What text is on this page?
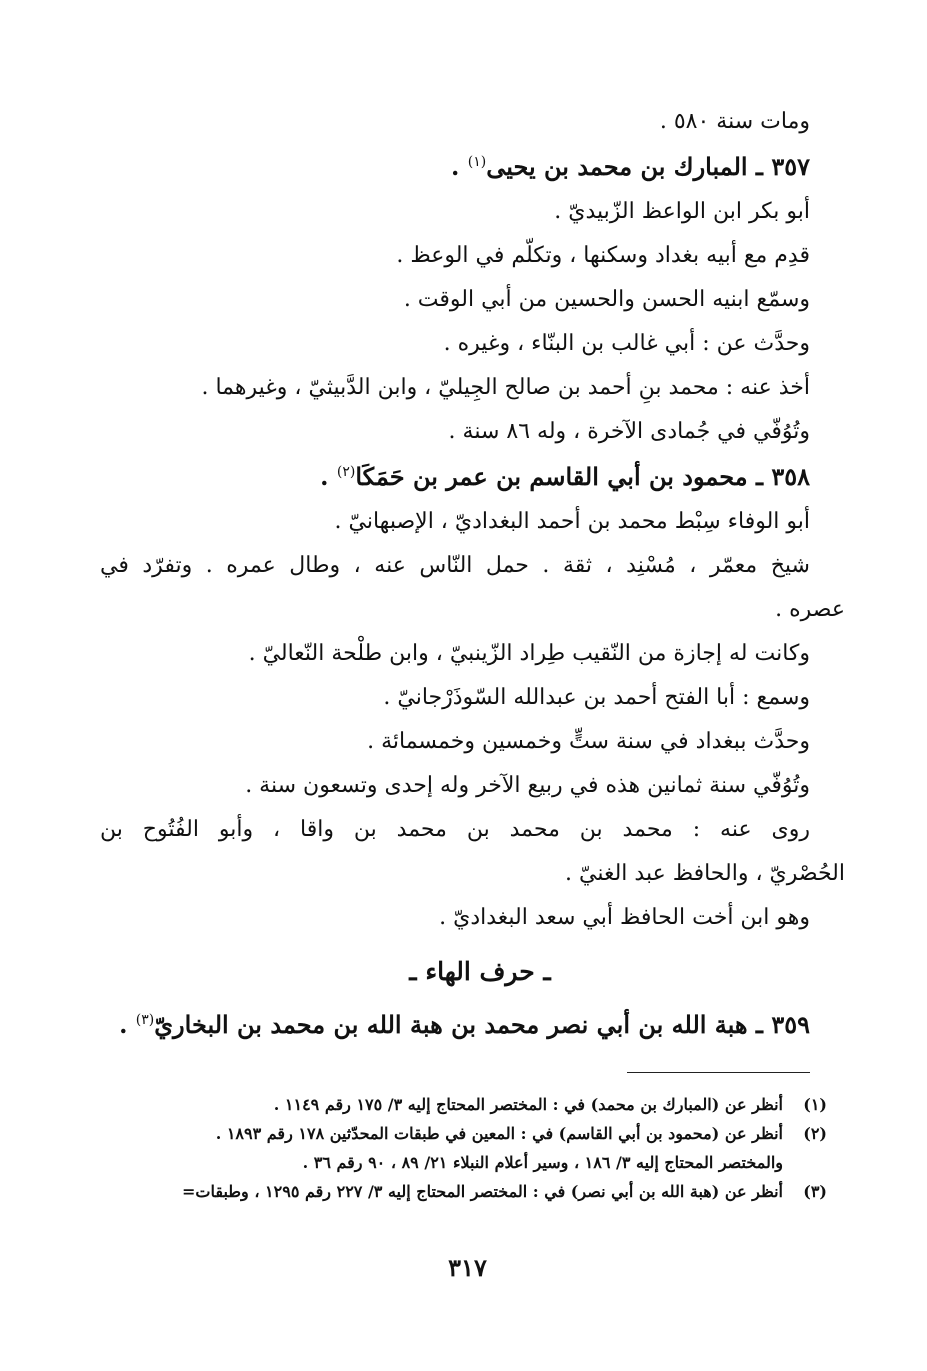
ومات سنة ٥٨٠ .
٣٥٧ ـ المبارك بن محمد بن يحيى$^{(١)}$ .
أبو بكر ابن الواعظ الزّبيديّ .
قدِم مع أبيه بغداد وسكنها ، وتكلّم في الوعظ .
وسمّع ابنيه الحسن والحسين من أبي الوقت .
وحدَّث عن : أبي غالب بن البنّاء ، وغيره .
أخذ عنه : محمد بنِ أحمد بن صالح الجِيليّ ، وابن الدَّبيثيّ ، وغيرهما .
وتُوُفّي في جُمادى الآخرة ، وله ٨٦ سنة .
٣٥٨ ـ محمود بن أبي القاسم بن عمر بن حَمَكَا$^{(٢)}$ .
أبو الوفاء سِبْط محمد بن أحمد البغداديّ ، الإصبهانيّ .
شيخ معمّر ، مُسْنِد ، ثقة . حمل النّاس عنه ، وطال عمره . وتفرّد في
عصره .
وكانت له إجازة من النّقيب طِراد الزّينبيّ ، وابن طلْحة النّعاليّ .
وسمع : أبا الفتح أحمد بن عبدالله السّوذَرْجانيّ .
وحدَّث ببغداد في سنة ستٍّ وخمسين وخمسمائة .
وتُوُفّي سنة ثمانين هذه في ربيع الآخر وله إحدى وتسعون سنة .
روى عنه : محمد بن محمد بن محمد بن واقا ، وأبو الفُتُوح بن
الحُصْريّ ، والحافظ عبد الغنيّ .
وهو ابن أخت الحافظ أبي سعد البغداديّ .
ـ حرف الهاء ـ
٣٥٩ ـ هبة الله بن أبي نصر محمد بن هبة الله بن محمد بن البخاريّ$^{(٣)}$ .
(١)
أنظر عن (المبارك بن محمد) في : المختصر المحتاج إليه ٣/ ١٧٥ رقم ١١٤٩ .
(٢)
أنظر عن (محمود بن أبي القاسم) في : المعين في طبقات المحدّثين ١٧٨ رقم ١٨٩٣ .
والمختصر المحتاج إليه ٣/ ١٨٦ ، وسير أعلام النبلاء ٢١/ ٨٩ ، ٩٠ رقم ٣٦ .
(٣)
أنظر عن (هبة الله بن أبي نصر) في : المختصر المحتاج إليه ٣/ ٢٢٧ رقم ١٢٩٥ ، وطبقات=
٣١٧
